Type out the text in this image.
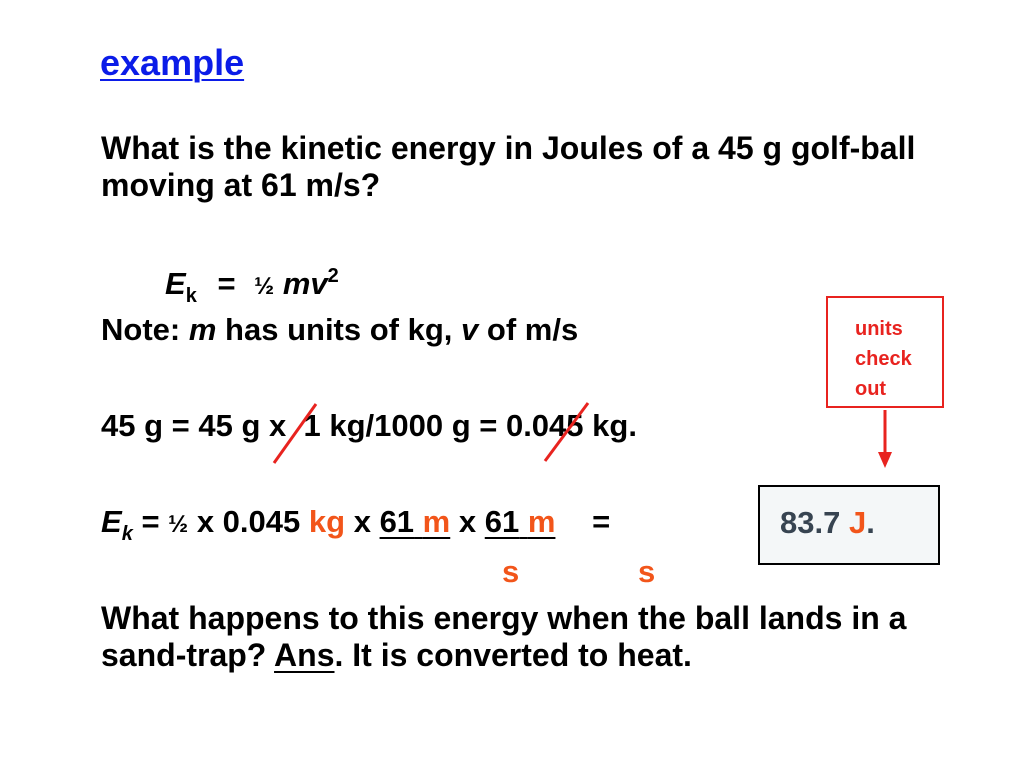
example
What is the kinetic energy in Joules of a 45 g golf-ball moving at 61 m/s?
$E_k$ = ½ $mv^2$
Note: m has units of kg, v of m/s
45 g = 45 g x  1 kg/1000 g = 0.045 kg.
$E_k$ = ½ x 0.045 kg x 61 m x 61 m =
s	s
83.7 J.
units
check
out
What happens to this energy when the ball lands in a sand-trap? Ans. It is converted to heat.
